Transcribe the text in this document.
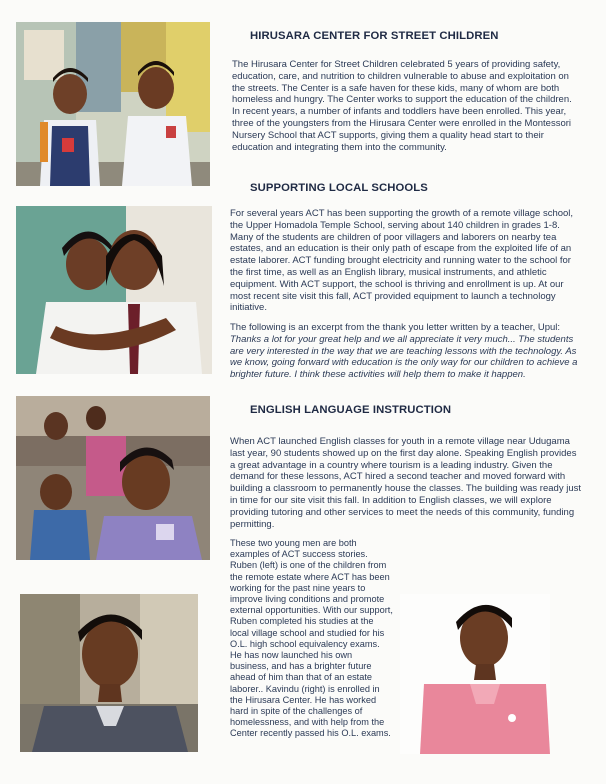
HIRUSARA CENTER FOR STREET CHILDREN

The Hirusara Center for Street Children celebrated 5 years of providing safety, education, care, and nutrition to children vulnerable to abuse and exploitation on the streets. The Center is a safe haven for these kids, many of whom are both homeless and hungry. The Center works to support the education of the children. In recent years, a number of infants and toddlers have been enrolled. This year, three of the youngsters from the Hirusara Center were enrolled in the Montessori Nursery School that ACT supports, giving them a quality head start to their education and integrating them into the community.

SUPPORTING LOCAL SCHOOLS

For several years ACT has been supporting the growth of a remote village school, the Upper Homadola Temple School, serving about 140 children in grades 1-8. Many of the students are children of poor villagers and laborers on nearby tea estates, and an education is their only path of escape from the exploited life of an estate laborer. ACT funding brought electricity and running water to the school for the first time, as well as an English library, musical instruments, and athletic equipment. With ACT support, the school is thriving and enrollment is up. At our most recent site visit this fall, ACT provided equipment to launch a technology initiative.

The following is an excerpt from the thank you letter written by a teacher, Upul:
Thanks a lot for your great help and we all appreciate it very much... The students are very interested in the way that we are teaching lessons with the technology. As we know, going forward with education is the only way for our children to achieve a brighter future. I think these activities will help them to make it happen.
ENGLISH LANGUAGE INSTRUCTION

When ACT launched English classes for youth in a remote village near Udugama last year, 90 students showed up on the first day alone. Speaking English provides a great advantage in a country where tourism is a leading industry. Given the demand for these lessons, ACT hired a second teacher and moved forward with building a classroom to permanently house the classes. The building was ready just in time for our site visit this fall. In addition to English classes, we will explore providing tutoring and other services to meet the needs of this community, funding permitting.

These two young men are both examples of ACT success stories. Ruben (left) is one of the children from the remote estate where ACT has been working for the past nine years to improve living conditions and promote external opportunities. With our support, Ruben completed his studies at the local village school and studied for his O.L. high school equivalency exams. He has now launched his own business, and has a brighter future ahead of him than that of an estate laborer.. Kavindu (right) is enrolled in the Hirusara Center. He has worked hard in spite of the challenges of homelessness, and with help from the Center recently passed his O.L. exams.
